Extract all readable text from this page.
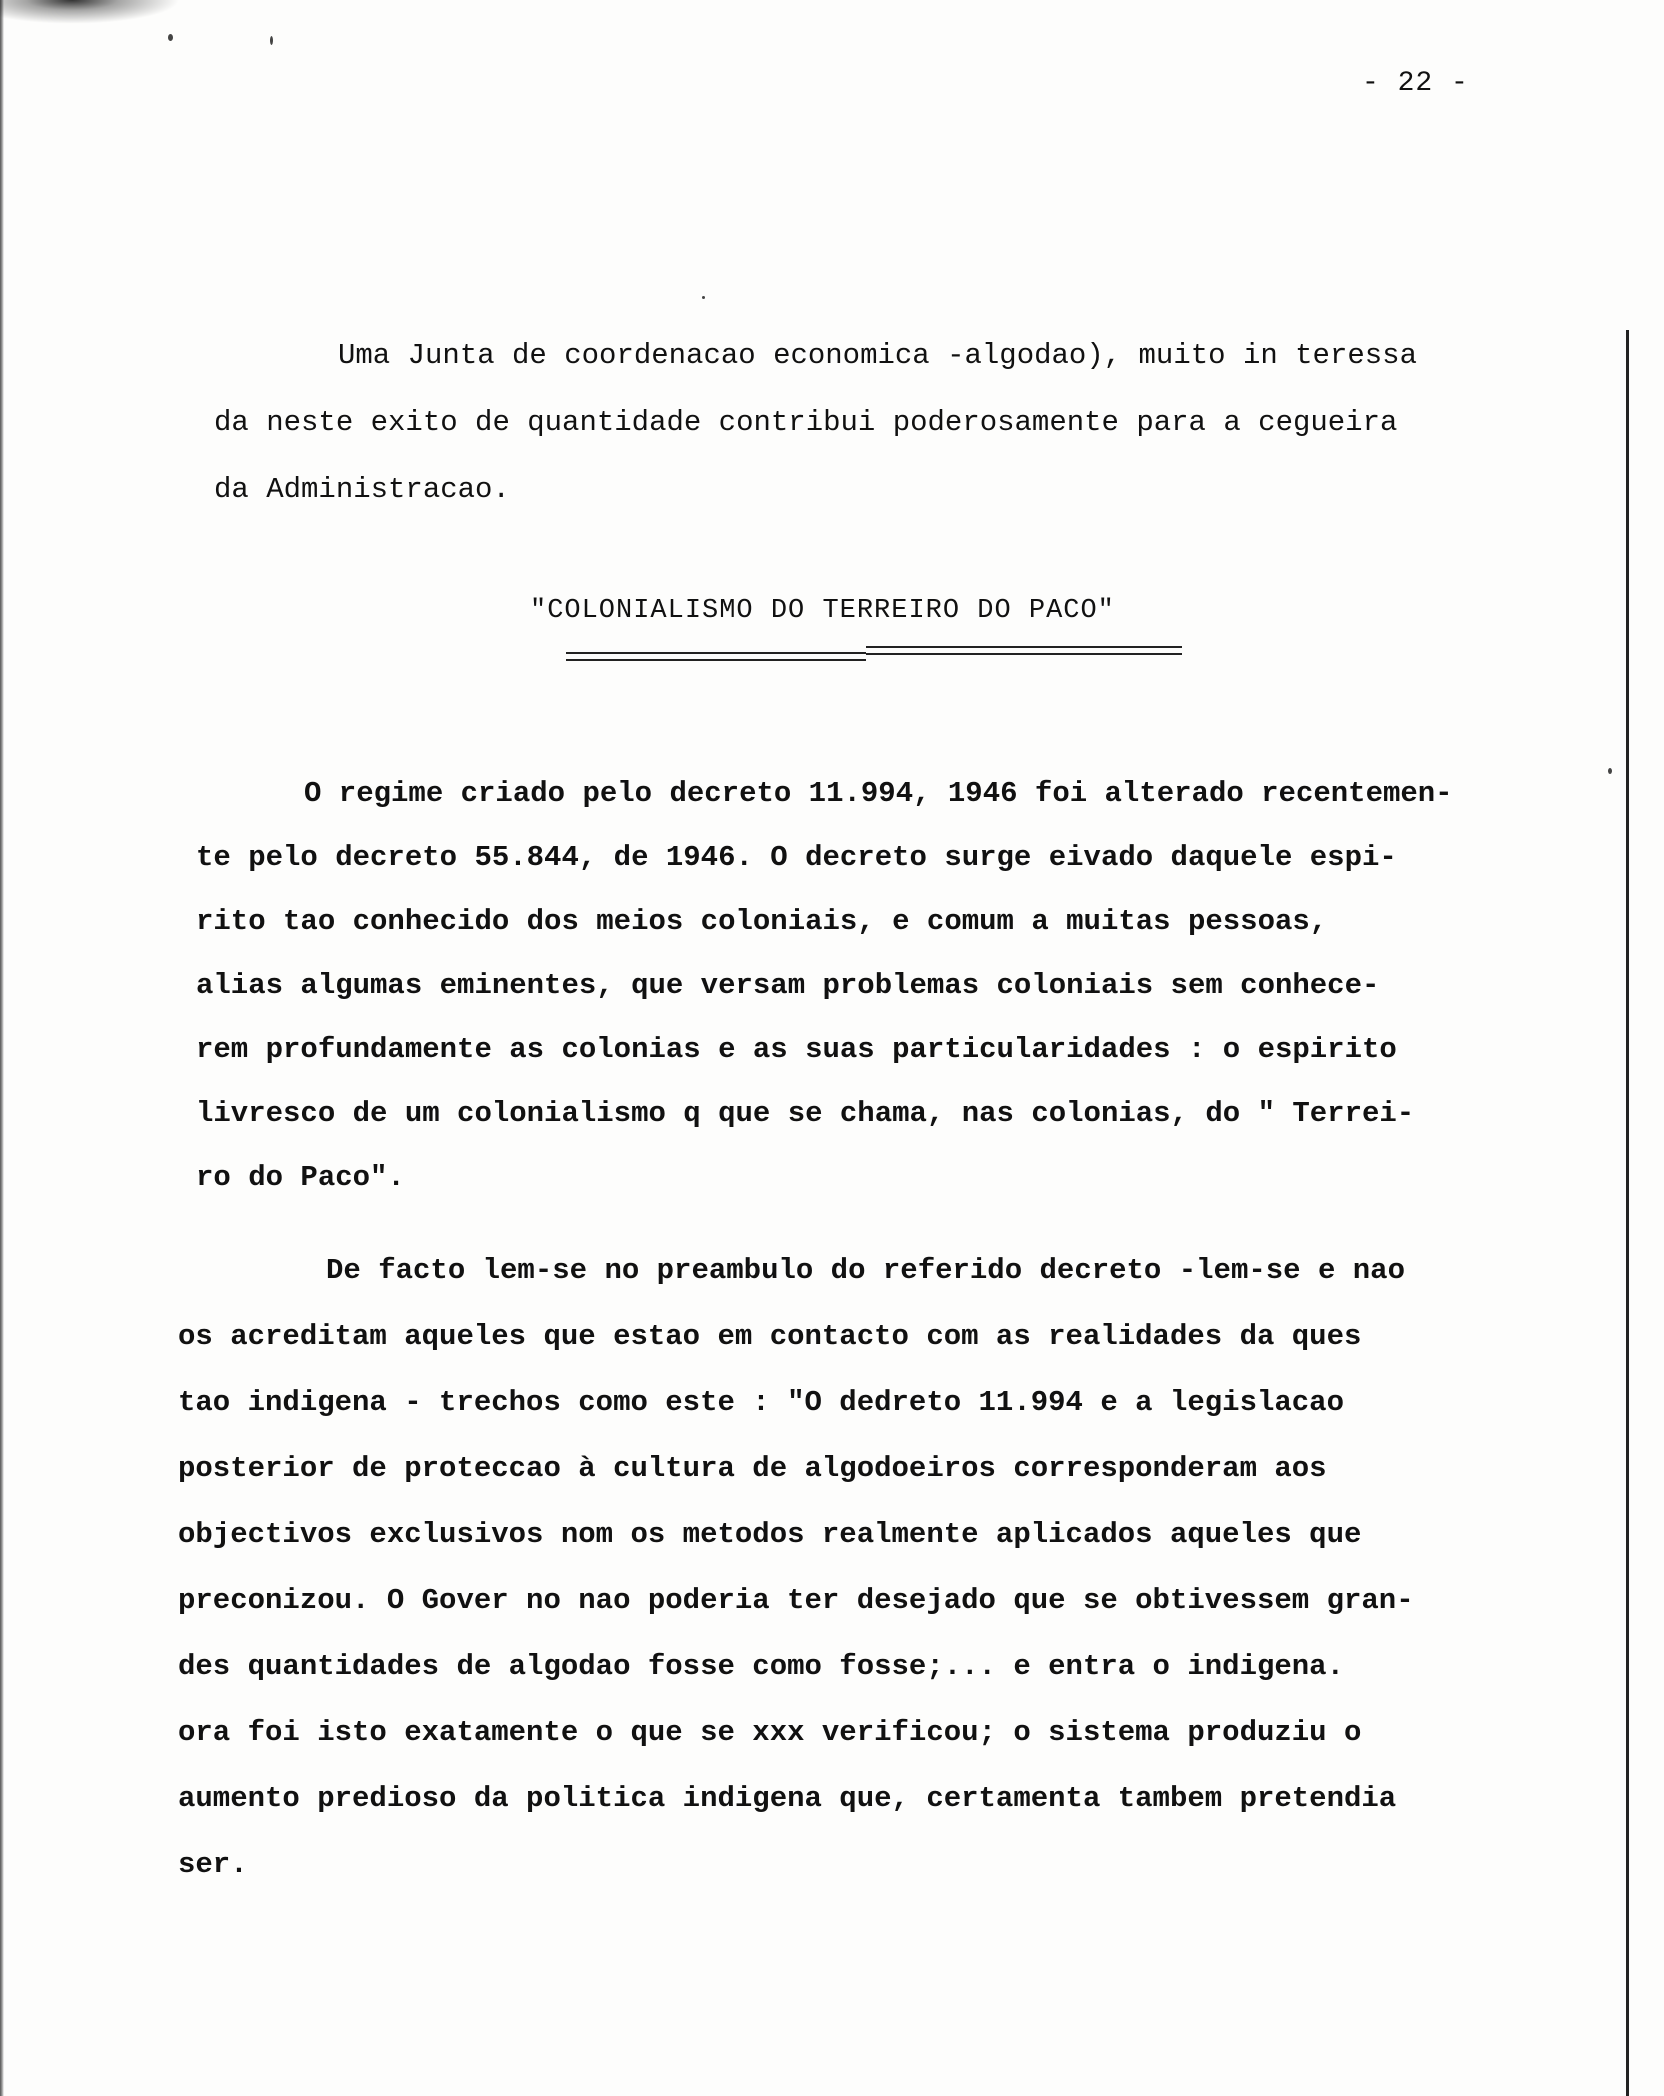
- 22 -
Uma Junta de coordenacao economica -algodao), muito in teressa
da neste exito de quantidade contribui poderosamente para a cegueira
da Administracao.
"COLONIALISMO DO TERREIRO DO PACO"
O regime criado pelo decreto 11.994, 1946 foi alterado recentemen-
te pelo decreto 55.844, de 1946. O decreto surge eivado daquele espi-
rito tao conhecido dos meios coloniais, e comum a muitas pessoas,
alias algumas eminentes, que versam problemas coloniais sem conhece-
rem profundamente as colonias e as suas particularidades : o espirito
livresco de um colonialismo q que se chama, nas colonias, do " Terrei-
ro do Paco".
De facto lem-se no preambulo do referido decreto -lem-se e nao
os acreditam aqueles que estao em contacto com as realidades da ques
tao indigena - trechos como este : "O dedreto 11.994 e a legislacao
posterior de proteccao à cultura de algodoeiros corresponderam aos
objectivos exclusivos nom os metodos realmente aplicados aqueles que
preconizou. O Gover no nao poderia ter desejado que se obtivessem gran-
des quantidades de algodao fosse como fosse;... e entra o indigena.
ora foi isto exatamente o que se xxx verificou; o sistema produziu o
aumento predioso da politica indigena que, certamenta tambem pretendia
ser.
